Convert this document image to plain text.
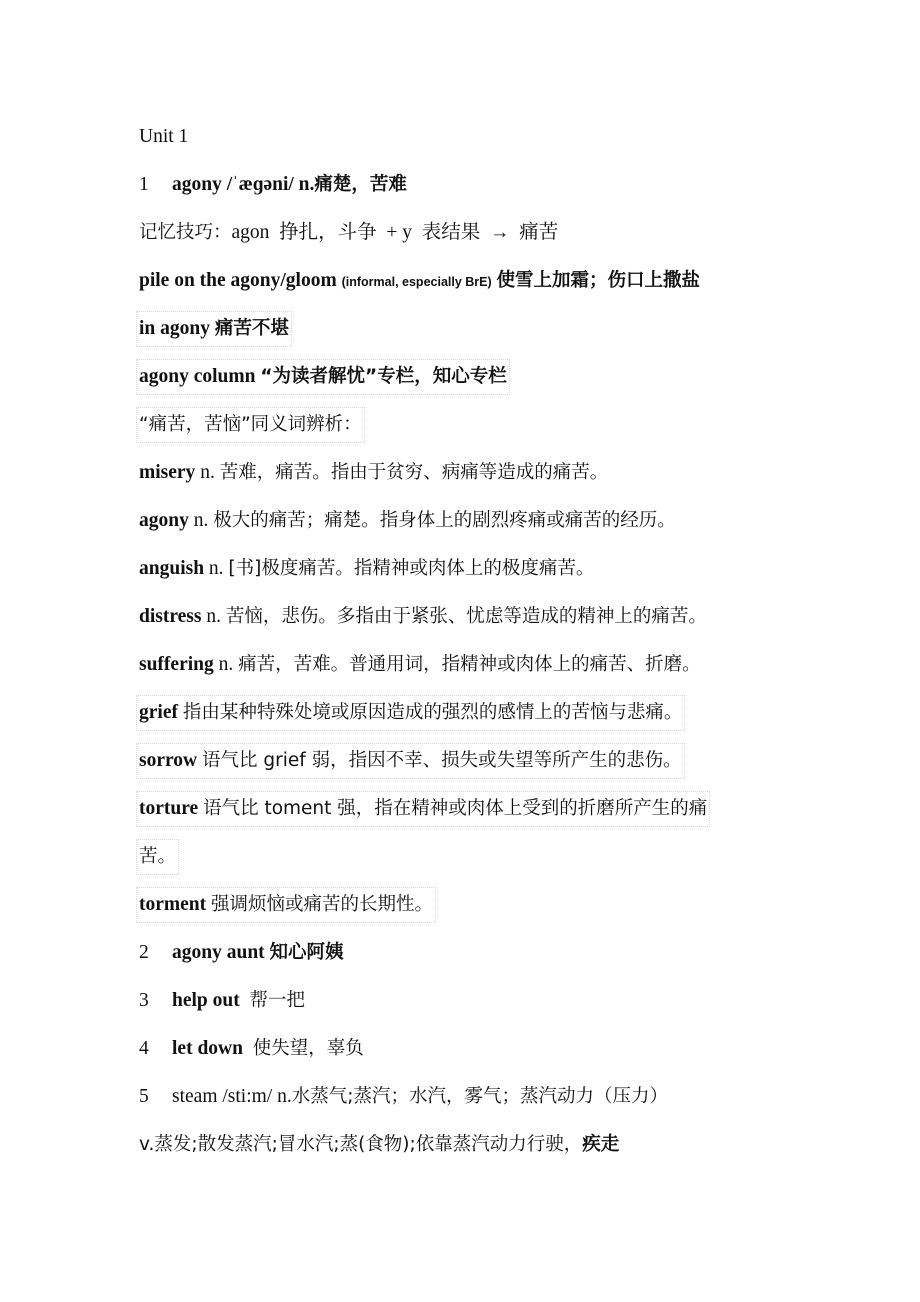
Unit 1
1 agony /ˈæɡəni/ n.痛楚，苦难
记忆技巧：agon  挣扎，斗争  + y  表结果  →  痛苦
pile on the agony/gloom (informal, especially BrE) 使雪上加霜；伤口上撒盐
in agony 痛苦不堪
agony column “为读者解忧”专栏，知心专栏
“痛苦，苦恼”同义词辨析：
misery n. 苦难，痛苦。指由于贫穷、病痛等造成的痛苦。
agony n. 极大的痛苦；痛楚。指身体上的剧烈疼痛或痛苦的经历。
anguish n. [书]极度痛苦。指精神或肉体上的极度痛苦。
distress n. 苦恼，悲伤。多指由于紧张、忧虑等造成的精神上的痛苦。
suffering n. 痛苦，苦难。普通用词，指精神或肉体上的痛苦、折磨。
grief 指由某种特殊处境或原因造成的强烈的感情上的苦恼与悲痛。
sorrow 语气比 grief 弱，指因不幸、损失或失望等所产生的悲伤。
torture 语气比 toment 强，指在精神或肉体上受到的折磨所产生的痛
苦。
torment 强调烦恼或痛苦的长期性。
2 agony aunt 知心阿姨
3 help out 帮一把
4 let down 使失望，辜负
5 steam /sti:m/ n.水蒸气;蒸汽；水汽，雾气；蒸汽动力（压力）
v.蒸发;散发蒸汽;冒水汽;蒸(食物);依靠蒸汽动力行驶，疾走
